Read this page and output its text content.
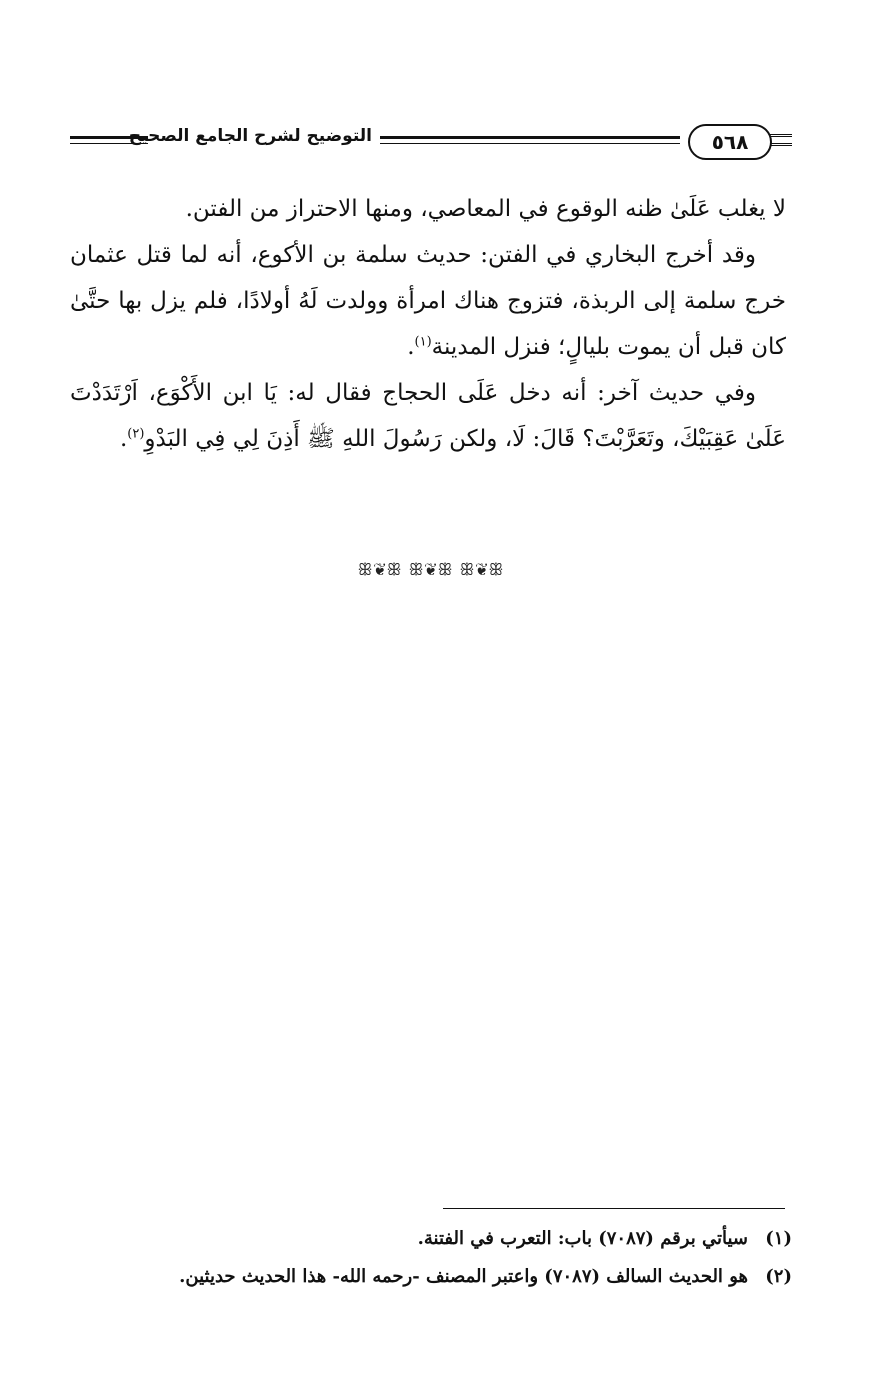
٥٦٨
التوضيح لشرح الجامع الصحيح

لا يغلب عَلَىٰ ظنه الوقوع في المعاصي، ومنها الاحتراز من الفتن.

وقد أخرج البخاري في الفتن: حديث سلمة بن الأكوع، أنه لما قتل عثمان خرج سلمة إلى الربذة، فتزوج هناك امرأة وولدت لَهُ أولادًا، فلم يزل بها حتَّىٰ كان قبل أن يموت بليالٍ؛ فنزل المدينة$^{(١)}$.

وفي حديث آخر: أنه دخل عَلَى الحجاج فقال له: يَا ابن الأَكْوَع، اَرْتَدَدْتَ عَلَىٰ عَقِبَيْكَ، وتَعَرَّبْتَ؟ قَالَ: لَا، ولكن رَسُولَ اللهِ ﷺ أَذِنَ لِي فِي البَدْوِ$^{(٢)}$.

ꕥ❦ꕥ ꕥ❦ꕥ ꕥ❦ꕥ
(١)
سيأتي برقم (٧٠٨٧) باب: التعرب في الفتنة.
(٢)
هو الحديث السالف (٧٠٨٧) واعتبر المصنف -رحمه الله- هذا الحديث حديثين.
